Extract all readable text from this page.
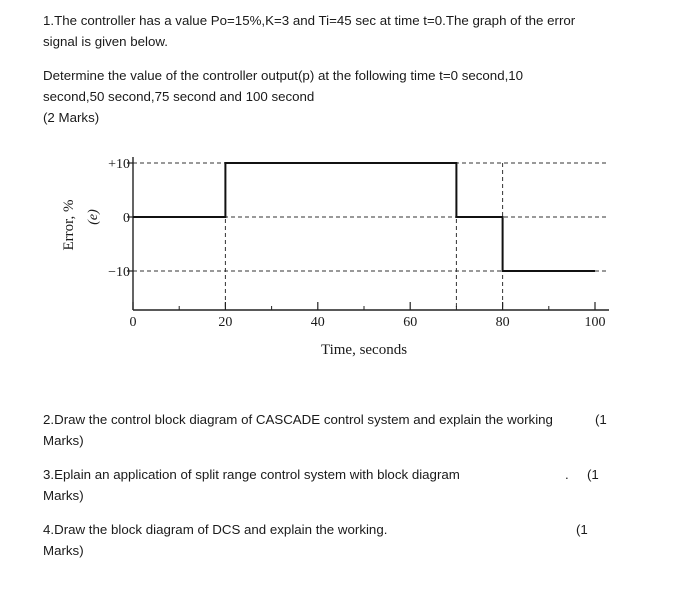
1.The controller has a value Po=15%,K=3 and Ti=45 sec at time t=0.The graph of the error
signal is given below.
Determine the value of the controller output(p) at the following time t=0 second,10
second,50 second,75 second and 100 second
(2 Marks)
+10
0
−10
0	20	40	60	80	100
Time, seconds
Error, % (e)
2.Draw the control block diagram of CASCADE control system and explain the working	(1
Marks)
3.Eplain an application of split range control system with block diagram	. (1
Marks)
4.Draw the block diagram of DCS and explain the working.	(1
Marks)
